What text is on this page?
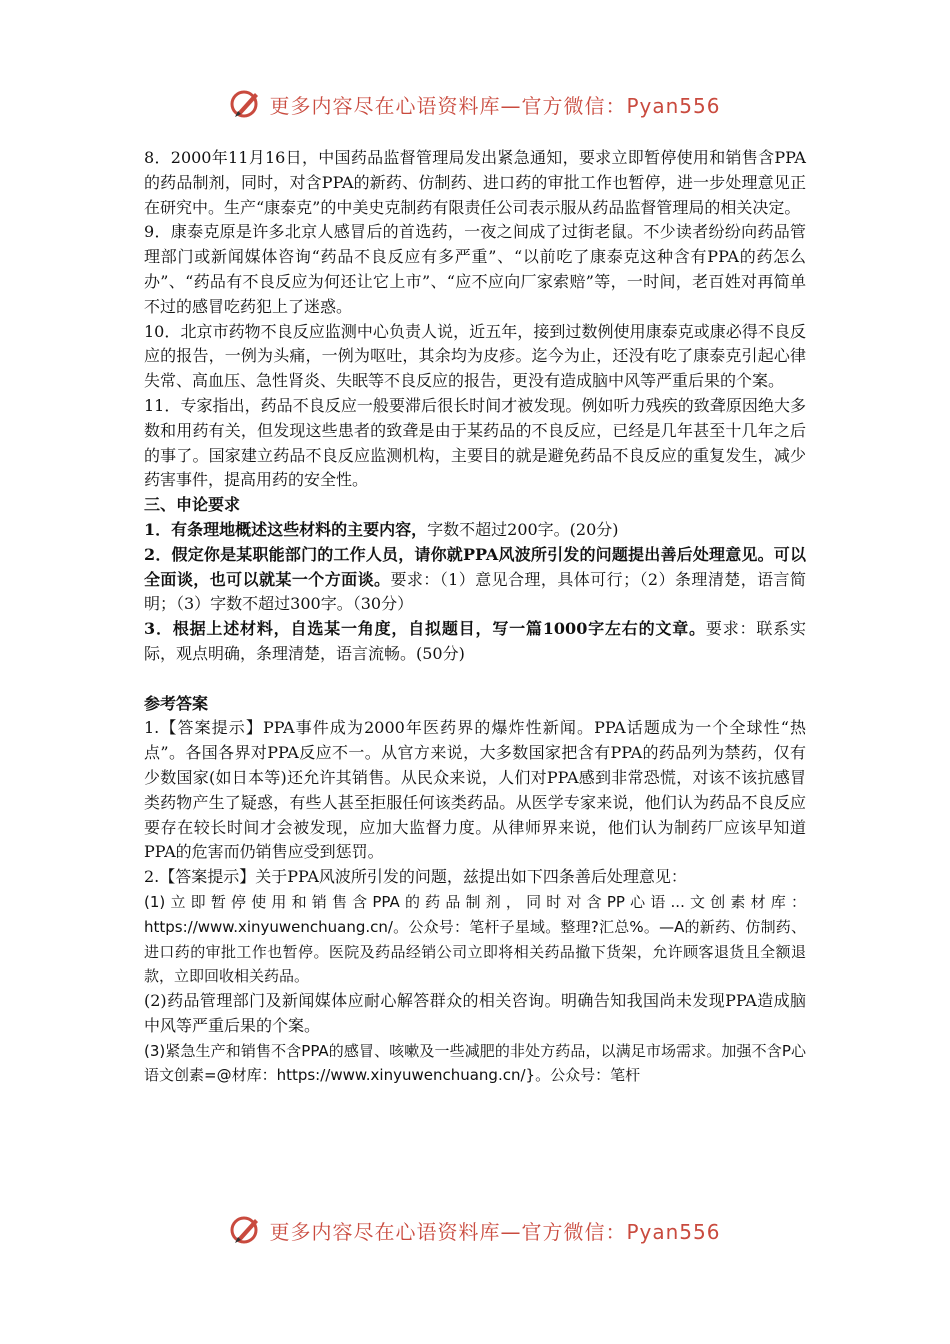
更多内容尽在心语资料库—官方微信：Pyan556

8．2000年11月16日，中国药品监督管理局发出紧急通知，要求立即暂停使用和销售含PPA的药品制剂，同时，对含PPA的新药、仿制药、进口药的审批工作也暂停，进一步处理意见正在研究中。生产“康泰克”的中美史克制药有限责任公司表示服从药品监督管理局的相关决定。

9．康泰克原是许多北京人感冒后的首选药，一夜之间成了过街老鼠。不少读者纷纷向药品管理部门或新闻媒体咨询“药品不良反应有多严重”、“以前吃了康泰克这种含有PPA的药怎么办”、“药品有不良反应为何还让它上市”、“应不应向厂家索赔”等，一时间，老百姓对再简单不过的感冒吃药犯上了迷惑。

10．北京市药物不良反应监测中心负责人说，近五年，接到过数例使用康泰克或康必得不良反应的报告，一例为头痛，一例为呕吐，其余均为皮疹。迄今为止，还没有吃了康泰克引起心律失常、高血压、急性肾炎、失眠等不良反应的报告，更没有造成脑中风等严重后果的个案。

11．专家指出，药品不良反应一般要滞后很长时间才被发现。例如听力残疾的致聋原因绝大多数和用药有关，但发现这些患者的致聋是由于某药品的不良反应，已经是几年甚至十几年之后的事了。国家建立药品不良反应监测机构，主要目的就是避免药品不良反应的重复发生，减少药害事件，提高用药的安全性。

三、申论要求

1．有条理地概述这些材料的主要内容，字数不超过200字。(20分)

2．假定你是某职能部门的工作人员，请你就PPA风波所引发的问题提出善后处理意见。可以全面谈，也可以就某一个方面谈。要求：（1）意见合理，具体可行；（2）条理清楚，语言简明；（3）字数不超过300字。（30分）

3．根据上述材料，自选某一角度，自拟题目，写一篇1000字左右的文章。要求：联系实际，观点明确，条理清楚，语言流畅。(50分)

参考答案

1.【答案提示】PPA事件成为2000年医药界的爆炸性新闻。PPA话题成为一个全球性“热点”。各国各界对PPA反应不一。从官方来说，大多数国家把含有PPA的药品列为禁药，仅有少数国家(如日本等)还允许其销售。从民众来说，人们对PPA感到非常恐慌，对该不该抗感冒类药物产生了疑惑，有些人甚至拒服任何该类药品。从医学专家来说，他们认为药品不良反应要存在较长时间才会被发现，应加大监督力度。从律师界来说，他们认为制药厂应该早知道PPA的危害而仍销售应受到惩罚。

2.【答案提示】关于PPA风波所引发的问题，兹提出如下四条善后处理意见：

(1)立即暂停使用和销售含PPA的药品制剂，同时对含PP心语...文创素材库：https://www.xinyuwenchuang.cn/。公众号：笔杆子星域。整理?汇总%。—A的新药、仿制药、进口药的审批工作也暂停。医院及药品经销公司立即将相关药品撤下货架，允许顾客退货且全额退款，立即回收相关药品。

(2)药品管理部门及新闻媒体应耐心解答群众的相关咨询。明确告知我国尚未发现PPA造成脑中风等严重后果的个案。

(3)紧急生产和销售不含PPA的感冒、咳嗽及一些减肥的非处方药品，以满足市场需求。加强不含P心语文创素=@材库：https://www.xinyuwenchuang.cn/}。公众号：笔杆

更多内容尽在心语资料库—官方微信：Pyan556
